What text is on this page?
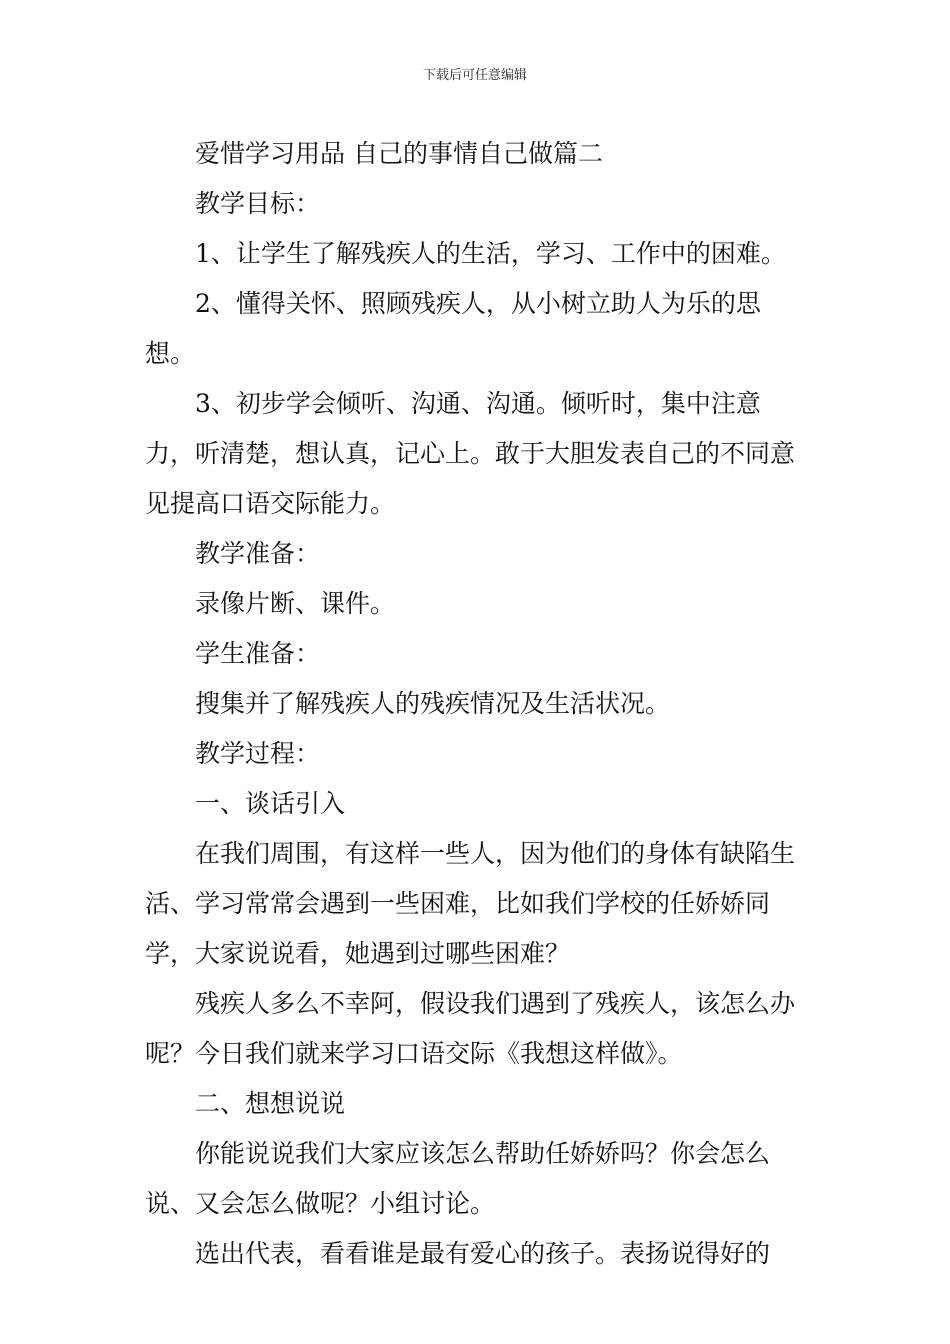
下载后可任意编辑

爱惜学习用品 自己的事情自己做篇二

教学目标：

1、让学生了解残疾人的生活，学习、工作中的困难。

2、懂得关怀、照顾残疾人，从小树立助人为乐的思想。

3、初步学会倾听、沟通、沟通。倾听时，集中注意力，听清楚，想认真，记心上。敢于大胆发表自己的不同意见提高口语交际能力。

教学准备：

录像片断、课件。

学生准备：

搜集并了解残疾人的残疾情况及生活状况。

教学过程：

一、谈话引入

在我们周围，有这样一些人，因为他们的身体有缺陷生活、学习常常会遇到一些困难，比如我们学校的任娇娇同学，大家说说看，她遇到过哪些困难？

残疾人多么不幸阿，假设我们遇到了残疾人，该怎么办呢？今日我们就来学习口语交际《我想这样做》。

二、想想说说

你能说说我们大家应该怎么帮助任娇娇吗？你会怎么说、又会怎么做呢？小组讨论。

选出代表，看看谁是最有爱心的孩子。表扬说得好的
